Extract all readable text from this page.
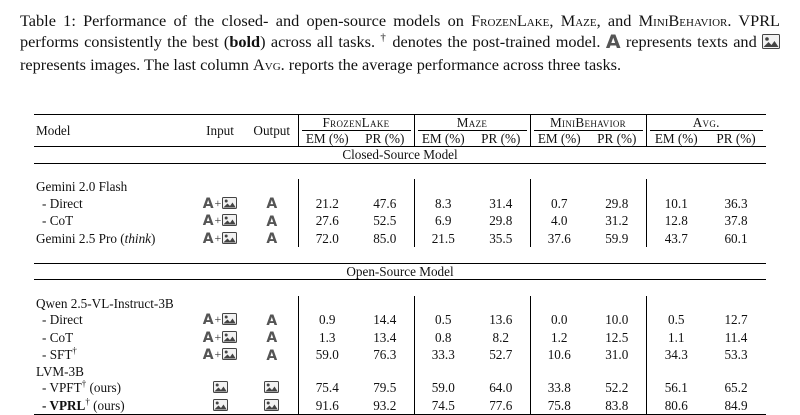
Table 1: Performance of the closed- and open-source models on FrozenLake, Maze, and MiniBehavior. VPRL performs consistently the best (bold) across all tasks. † denotes the post-trained model. A represents texts and  represents images. The last column Avg. reports the average performance across three tasks.
Model	Input	Output	FrozenLake		Maze		MiniBehavior		Avg.	
			EM (%)	PR (%)	EM (%)	PR (%)	EM (%)	PR (%)	EM (%)	PR (%)
Closed-Source Model										

Gemini 2.0 Flash										
- Direct	A+	A	21.2	47.6	8.3	31.4	0.7	29.8	10.1	36.3
- CoT	A+	A	27.6	52.5	6.9	29.8	4.0	31.2	12.8	37.8
Gemini 2.5 Pro (think)	A+	A	72.0	85.0	21.5	35.5	37.6	59.9	43.7	60.1

Open-Source Model										

Qwen 2.5-VL-Instruct-3B										
- Direct	A+	A	0.9	14.4	0.5	13.6	0.0	10.0	0.5	12.7
- CoT	A+	A	1.3	13.4	0.8	8.2	1.2	12.5	1.1	11.4
- SFT†	A+	A	59.0	76.3	33.3	52.7	10.6	31.0	34.3	53.3
LVM-3B										
- VPFT† (ours)			75.4	79.5	59.0	64.0	33.8	52.2	56.1	65.2
- VPRL† (ours)			91.6	93.2	74.5	77.6	75.8	83.8	80.6	84.9
